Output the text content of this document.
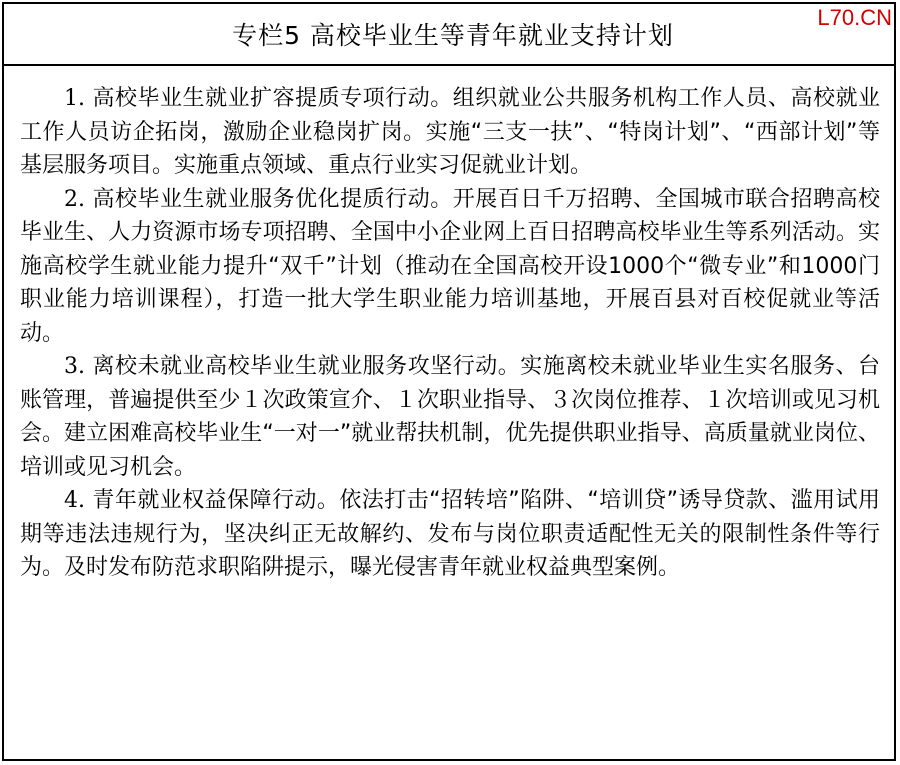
专栏5 高校毕业生等青年就业支持计划

1. 高校毕业生就业扩容提质专项行动。组织就业公共服务机构工作人员、高校就业工作人员访企拓岗，激励企业稳岗扩岗。实施“三支一扶”、“特岗计划”、“西部计划”等基层服务项目。实施重点领域、重点行业实习促就业计划。

2. 高校毕业生就业服务优化提质行动。开展百日千万招聘、全国城市联合招聘高校毕业生、人力资源市场专项招聘、全国中小企业网上百日招聘高校毕业生等系列活动。实施高校学生就业能力提升“双千”计划（推动在全国高校开设1000个“微专业”和1000门职业能力培训课程），打造一批大学生职业能力培训基地，开展百县对百校促就业等活动。

3. 离校未就业高校毕业生就业服务攻坚行动。实施离校未就业毕业生实名服务、台账管理，普遍提供至少１次政策宣介、１次职业指导、３次岗位推荐、１次培训或见习机会。建立困难高校毕业生“一对一”就业帮扶机制，优先提供职业指导、高质量就业岗位、培训或见习机会。

4. 青年就业权益保障行动。依法打击“招转培”陷阱、“培训贷”诱导贷款、滥用试用期等违法违规行为，坚决纠正无故解约、发布与岗位职责适配性无关的限制性条件等行为。及时发布防范求职陷阱提示，曝光侵害青年就业权益典型案例。

L70.CN
